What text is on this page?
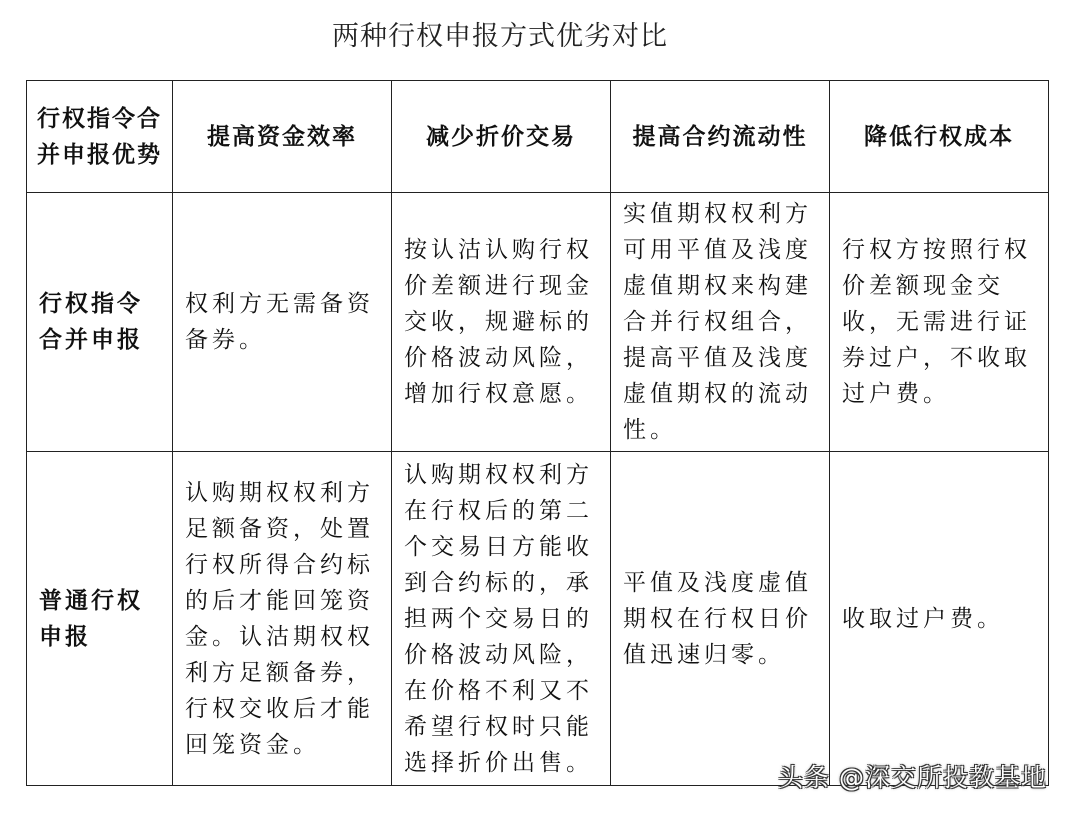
两种行权申报方式优劣对比
行权指令合并申报优势	提高资金效率	减少折价交易	提高合约流动性	降低行权成本
行权指令合并申报	权利方无需备资备券。	按认沽认购行权价差额进行现金交收，规避标的价格波动风险，增加行权意愿。	实值期权权利方可用平值及浅度虚值期权来构建合并行权组合，提高平值及浅度虚值期权的流动性。	行权方按照行权价差额现金交收，无需进行证券过户，不收取过户费。
普通行权申报	认购期权权利方足额备资，处置行权所得合约标的后才能回笼资金。认沽期权权利方足额备券，行权交收后才能回笼资金。	认购期权权利方在行权后的第二个交易日方能收到合约标的，承担两个交易日的价格波动风险，在价格不利又不希望行权时只能选择折价出售。	平值及浅度虚值期权在行权日价值迅速归零。	收取过户费。
头条 @深交所投教基地
